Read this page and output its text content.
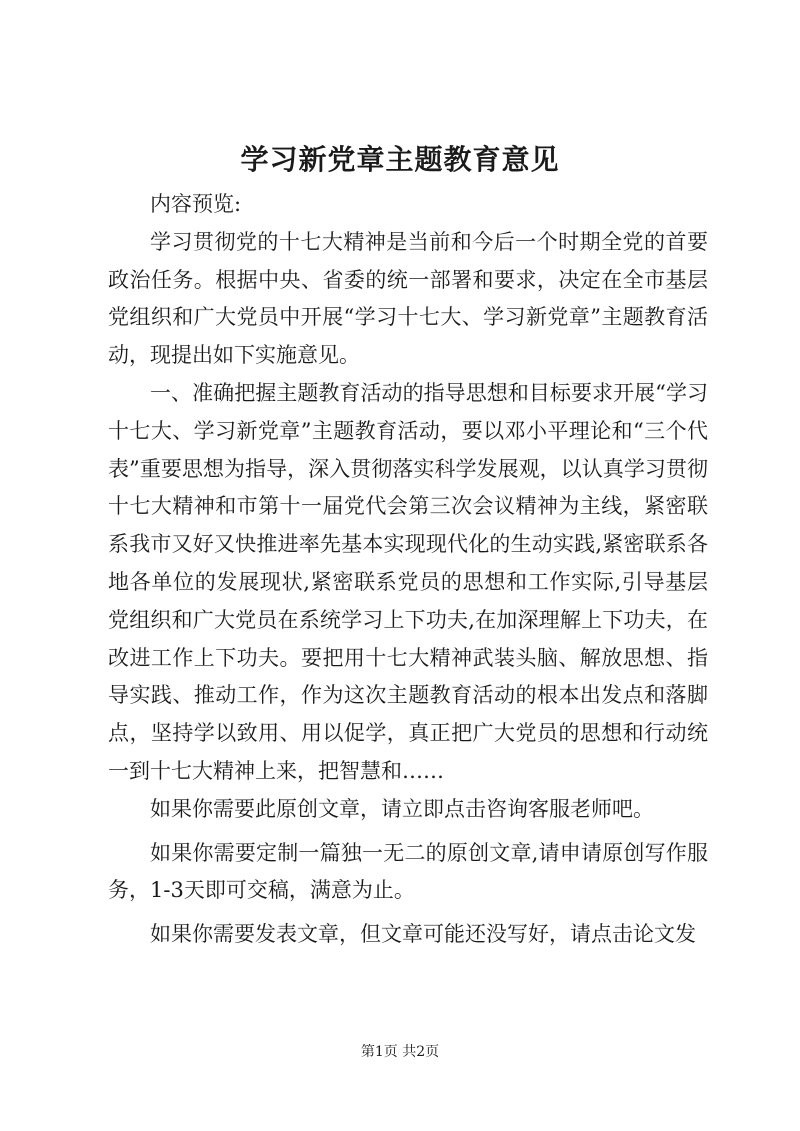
学习新党章主题教育意见

内容预览:

学习贯彻党的十七大精神是当前和今后一个时期全党的首要政治任务。根据中央、省委的统一部署和要求，决定在全市基层党组织和广大党员中开展“学习十七大、学习新党章”主题教育活动，现提出如下实施意见。

一、准确把握主题教育活动的指导思想和目标要求开展“学习十七大、学习新党章”主题教育活动，要以邓小平理论和“三个代表”重要思想为指导，深入贯彻落实科学发展观，以认真学习贯彻十七大精神和市第十一届党代会第三次会议精神为主线，紧密联系我市又好又快推进率先基本实现现代化的生动实践,紧密联系各地各单位的发展现状,紧密联系党员的思想和工作实际,引导基层党组织和广大党员在系统学习上下功夫,在加深理解上下功夫，在改进工作上下功夫。要把用十七大精神武装头脑、解放思想、指导实践、推动工作，作为这次主题教育活动的根本出发点和落脚点，坚持学以致用、用以促学，真正把广大党员的思想和行动统一到十七大精神上来，把智慧和……

如果你需要此原创文章，请立即点击咨询客服老师吧。

如果你需要定制一篇独一无二的原创文章,请申请原创写作服务，1-3天即可交稿，满意为止。

如果你需要发表文章，但文章可能还没写好，请点击论文发

第1页 共2页
